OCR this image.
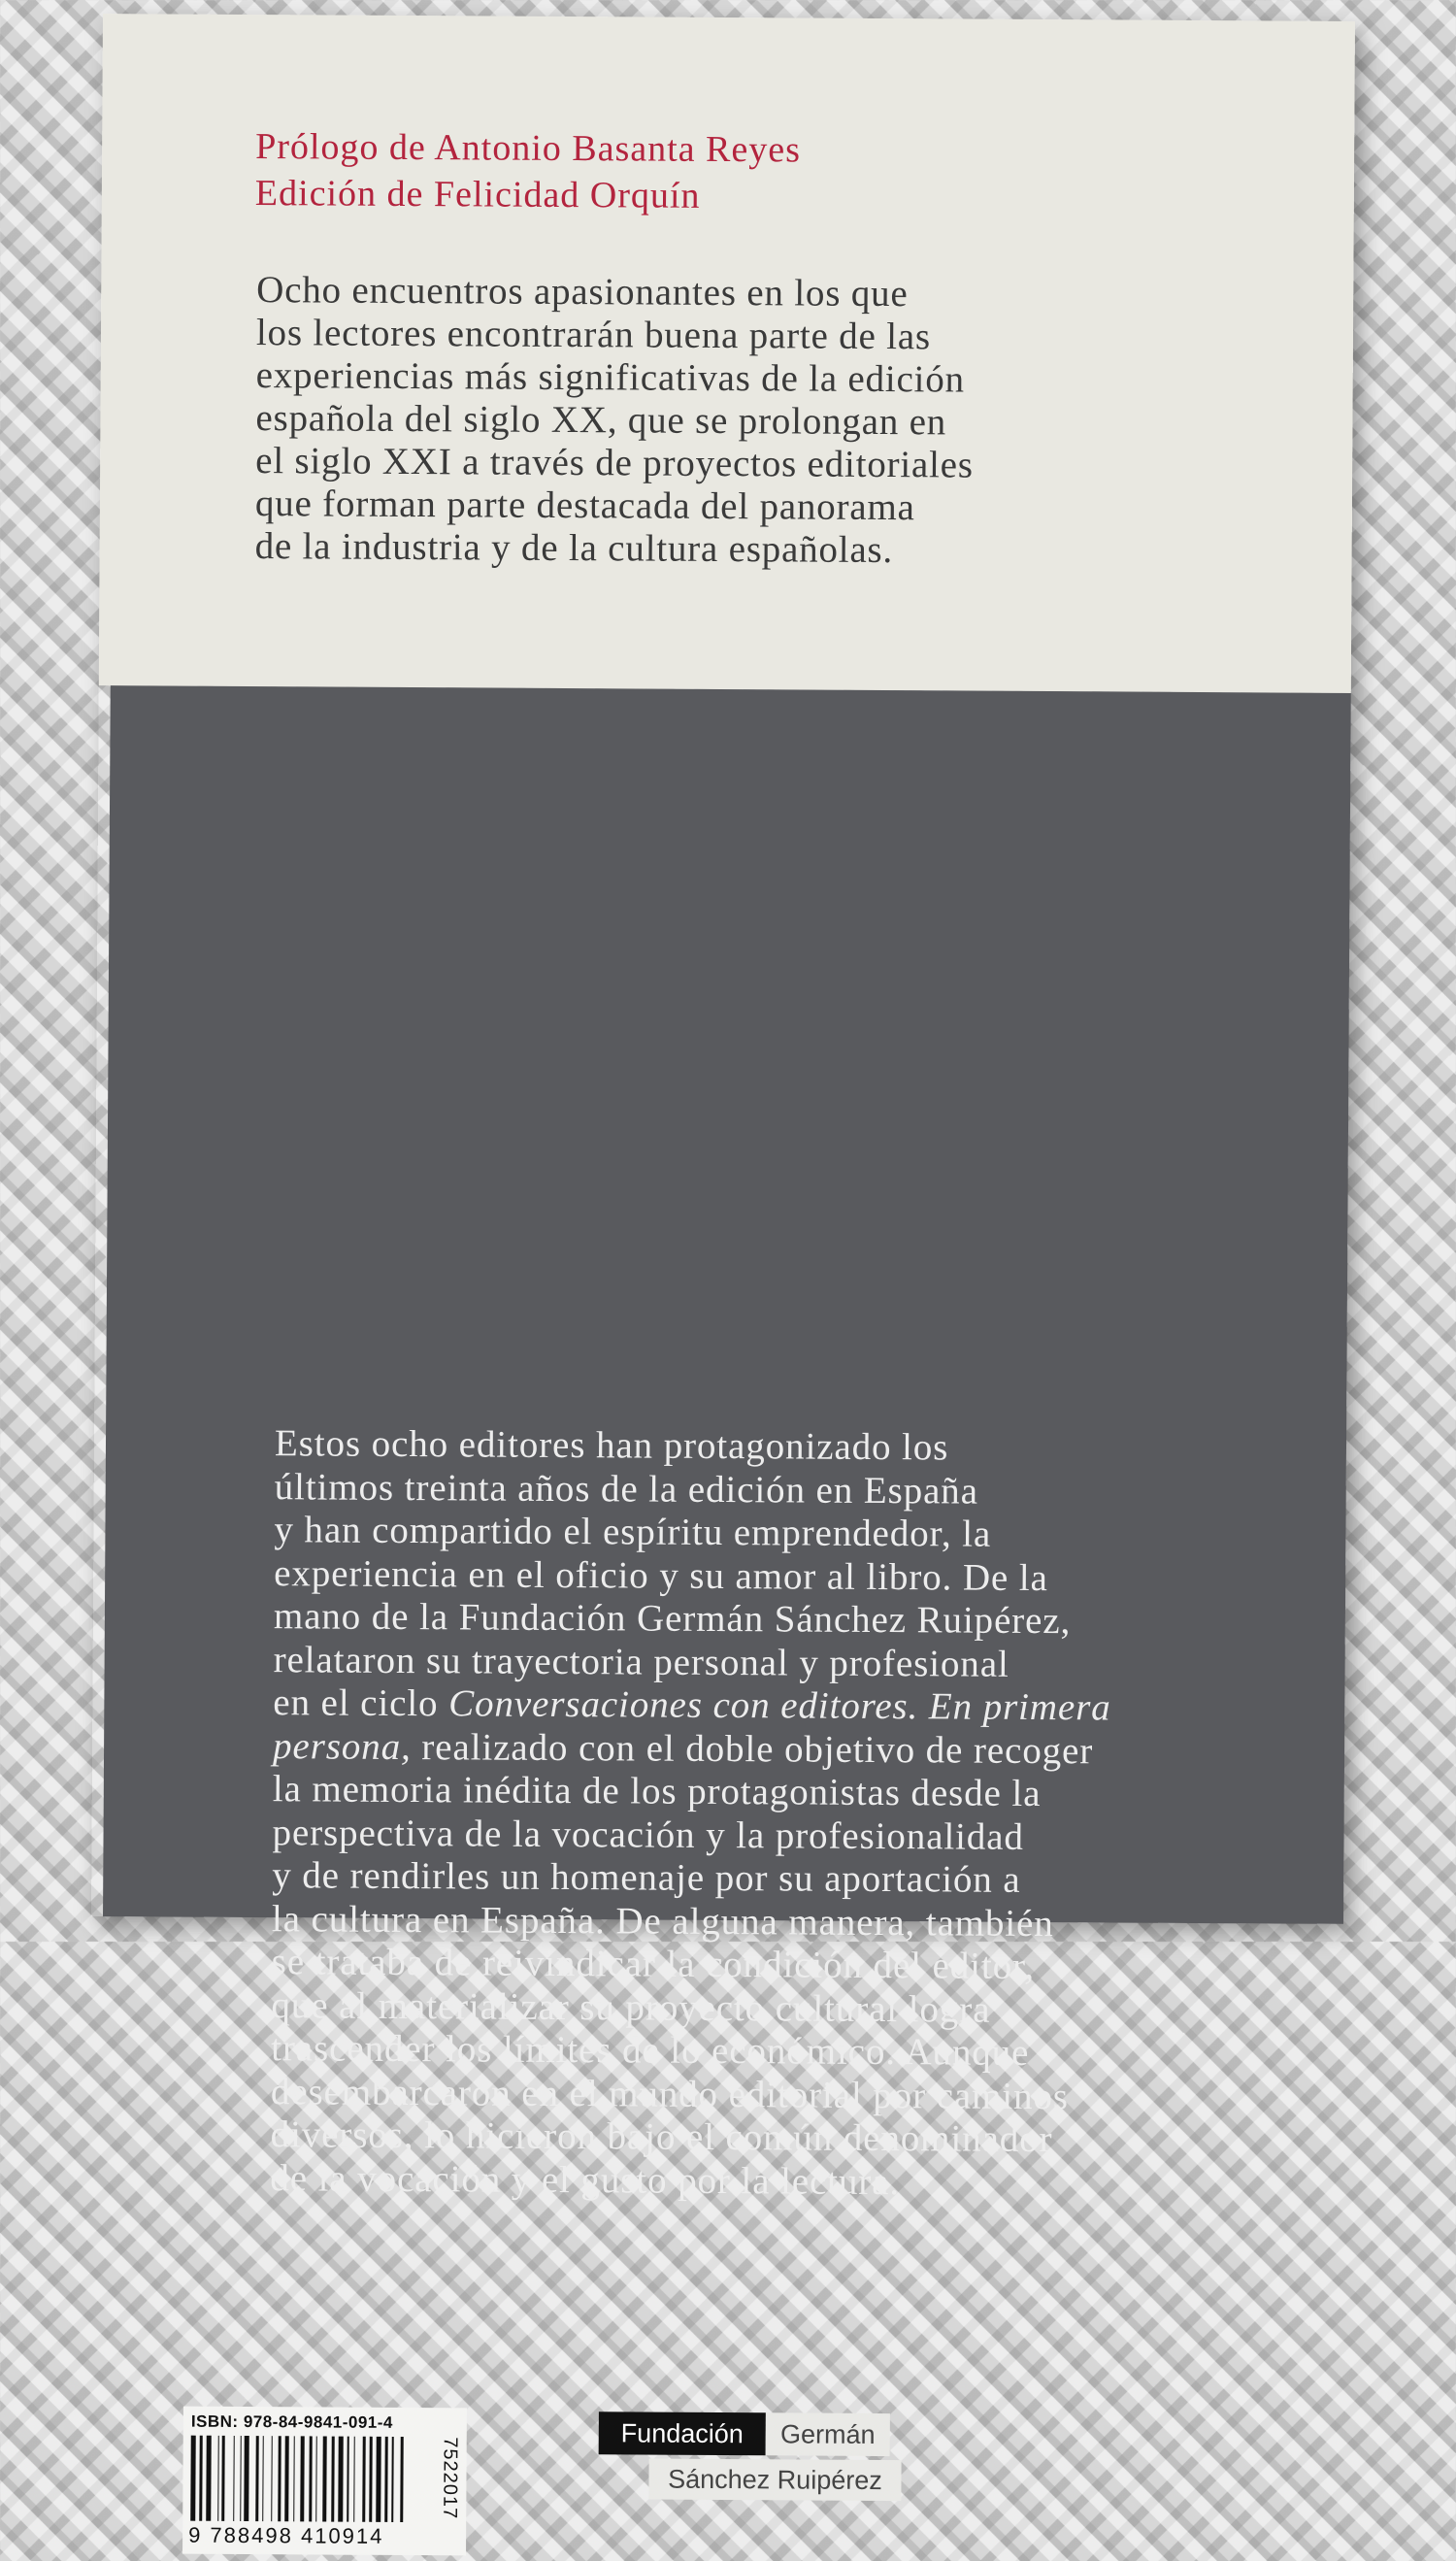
Prólogo de Antonio Basanta Reyes
Edición de Felicidad Orquín
Ocho encuentros apasionantes en los que
los lectores encontrarán buena parte de las
experiencias más significativas de la edición
española del siglo XX, que se prolongan en
el siglo XXI a través de proyectos editoriales
que forman parte destacada del panorama
de la industria y de la cultura españolas.
Estos ocho editores han protagonizado los
últimos treinta años de la edición en España
y han compartido el espíritu emprendedor, la
experiencia en el oficio y su amor al libro. De la
mano de la Fundación Germán Sánchez Ruipérez,
relataron su trayectoria personal y profesional
en el ciclo Conversaciones con editores. En primera
persona, realizado con el doble objetivo de recoger
la memoria inédita de los protagonistas desde la
perspectiva de la vocación y la profesionalidad
y de rendirles un homenaje por su aportación a
la cultura en España. De alguna manera, también
se trataba de reivindicar la condición del editor,
que al materializar su proyecto cultural logra
trascender los límites de lo económico. Aunque
desembarcaron en el mundo editorial por caminos
diversos, lo hicieron bajo el común denominador
de la vocación y el gusto por la lectura.
ISBN: 978-84-9841-091-4
9 788498 410914
7522017
Fundación	Germán
Sánchez Ruipérez
